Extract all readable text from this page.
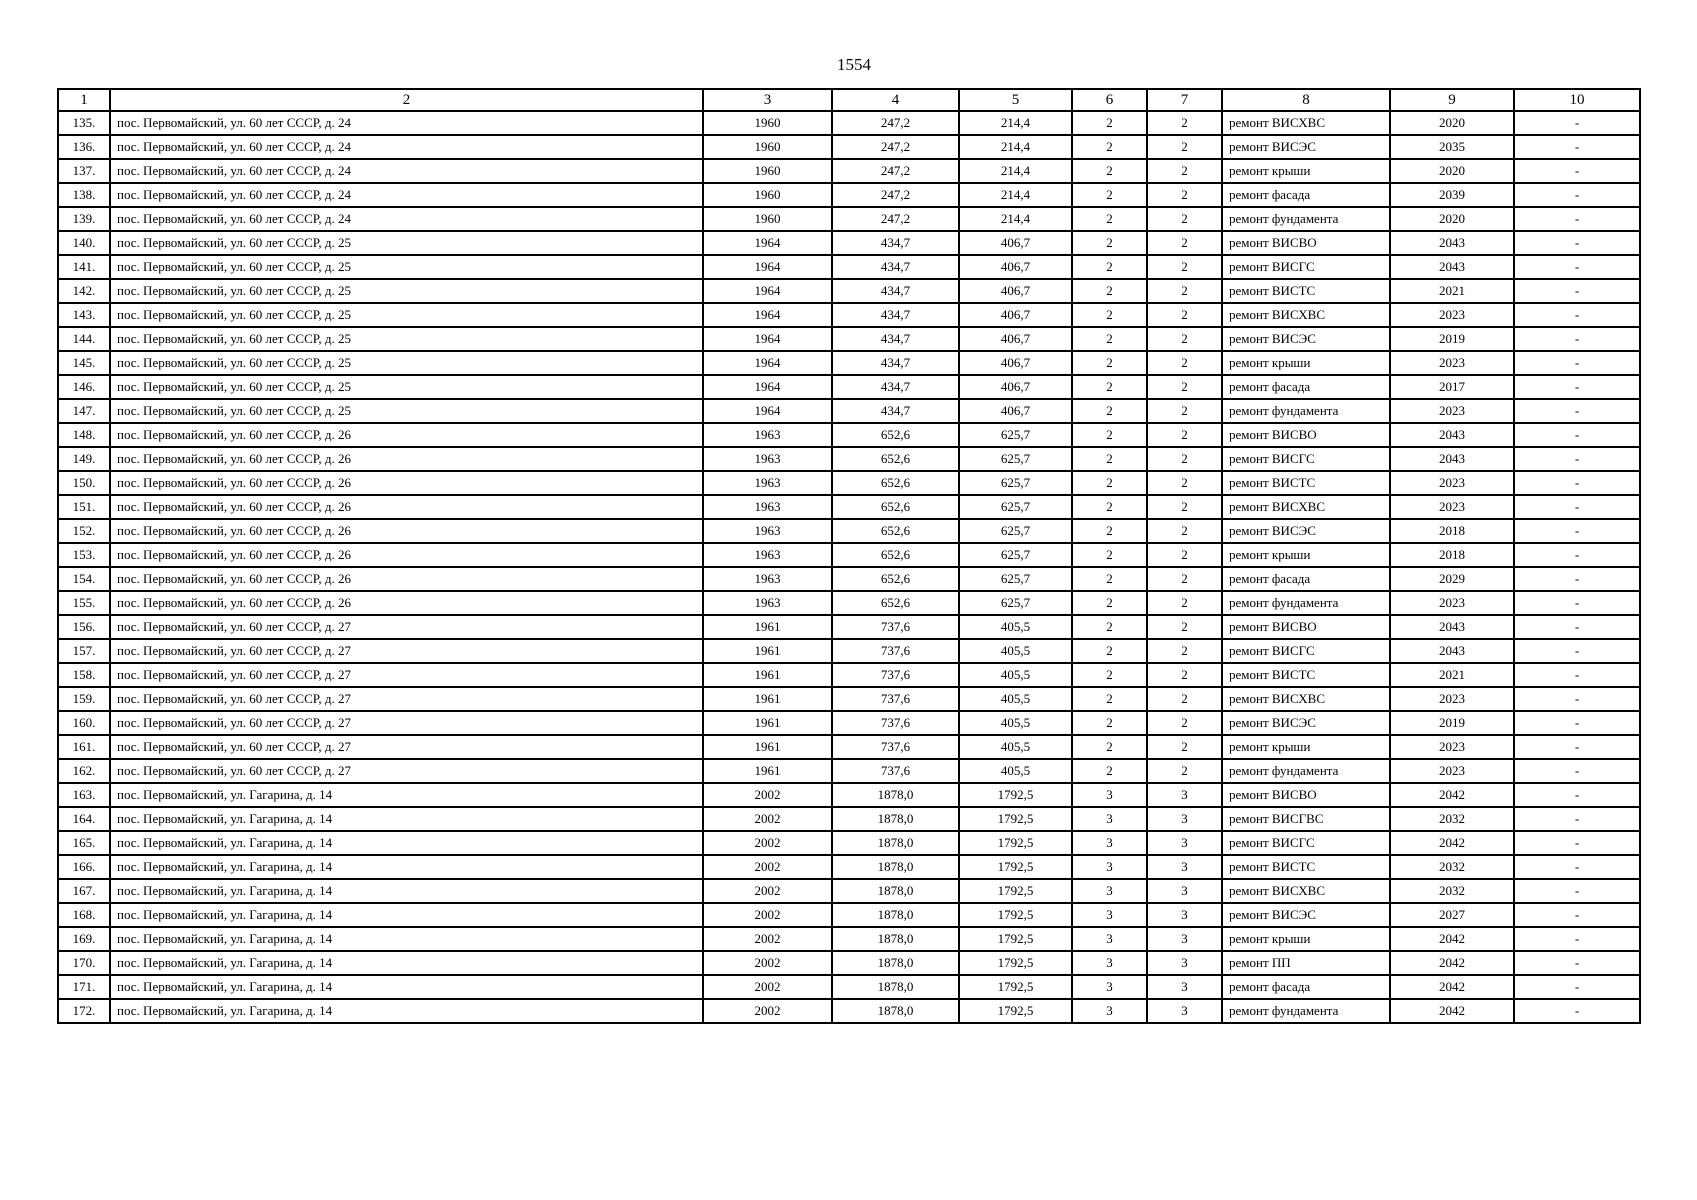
1554
1	2	3	4	5	6	7	8	9	10
135.	пос. Первомайский, ул. 60 лет СССР, д. 24	1960	247,2	214,4	2	2	ремонт ВИСХВС	2020	-
136.	пос. Первомайский, ул. 60 лет СССР, д. 24	1960	247,2	214,4	2	2	ремонт ВИСЭС	2035	-
137.	пос. Первомайский, ул. 60 лет СССР, д. 24	1960	247,2	214,4	2	2	ремонт крыши	2020	-
138.	пос. Первомайский, ул. 60 лет СССР, д. 24	1960	247,2	214,4	2	2	ремонт фасада	2039	-
139.	пос. Первомайский, ул. 60 лет СССР, д. 24	1960	247,2	214,4	2	2	ремонт фундамента	2020	-
140.	пос. Первомайский, ул. 60 лет СССР, д. 25	1964	434,7	406,7	2	2	ремонт ВИСВО	2043	-
141.	пос. Первомайский, ул. 60 лет СССР, д. 25	1964	434,7	406,7	2	2	ремонт ВИСГС	2043	-
142.	пос. Первомайский, ул. 60 лет СССР, д. 25	1964	434,7	406,7	2	2	ремонт ВИСТС	2021	-
143.	пос. Первомайский, ул. 60 лет СССР, д. 25	1964	434,7	406,7	2	2	ремонт ВИСХВС	2023	-
144.	пос. Первомайский, ул. 60 лет СССР, д. 25	1964	434,7	406,7	2	2	ремонт ВИСЭС	2019	-
145.	пос. Первомайский, ул. 60 лет СССР, д. 25	1964	434,7	406,7	2	2	ремонт крыши	2023	-
146.	пос. Первомайский, ул. 60 лет СССР, д. 25	1964	434,7	406,7	2	2	ремонт фасада	2017	-
147.	пос. Первомайский, ул. 60 лет СССР, д. 25	1964	434,7	406,7	2	2	ремонт фундамента	2023	-
148.	пос. Первомайский, ул. 60 лет СССР, д. 26	1963	652,6	625,7	2	2	ремонт ВИСВО	2043	-
149.	пос. Первомайский, ул. 60 лет СССР, д. 26	1963	652,6	625,7	2	2	ремонт ВИСГС	2043	-
150.	пос. Первомайский, ул. 60 лет СССР, д. 26	1963	652,6	625,7	2	2	ремонт ВИСТС	2023	-
151.	пос. Первомайский, ул. 60 лет СССР, д. 26	1963	652,6	625,7	2	2	ремонт ВИСХВС	2023	-
152.	пос. Первомайский, ул. 60 лет СССР, д. 26	1963	652,6	625,7	2	2	ремонт ВИСЭС	2018	-
153.	пос. Первомайский, ул. 60 лет СССР, д. 26	1963	652,6	625,7	2	2	ремонт крыши	2018	-
154.	пос. Первомайский, ул. 60 лет СССР, д. 26	1963	652,6	625,7	2	2	ремонт фасада	2029	-
155.	пос. Первомайский, ул. 60 лет СССР, д. 26	1963	652,6	625,7	2	2	ремонт фундамента	2023	-
156.	пос. Первомайский, ул. 60 лет СССР, д. 27	1961	737,6	405,5	2	2	ремонт ВИСВО	2043	-
157.	пос. Первомайский, ул. 60 лет СССР, д. 27	1961	737,6	405,5	2	2	ремонт ВИСГС	2043	-
158.	пос. Первомайский, ул. 60 лет СССР, д. 27	1961	737,6	405,5	2	2	ремонт ВИСТС	2021	-
159.	пос. Первомайский, ул. 60 лет СССР, д. 27	1961	737,6	405,5	2	2	ремонт ВИСХВС	2023	-
160.	пос. Первомайский, ул. 60 лет СССР, д. 27	1961	737,6	405,5	2	2	ремонт ВИСЭС	2019	-
161.	пос. Первомайский, ул. 60 лет СССР, д. 27	1961	737,6	405,5	2	2	ремонт крыши	2023	-
162.	пос. Первомайский, ул. 60 лет СССР, д. 27	1961	737,6	405,5	2	2	ремонт фундамента	2023	-
163.	пос. Первомайский, ул. Гагарина, д. 14	2002	1878,0	1792,5	3	3	ремонт ВИСВО	2042	-
164.	пос. Первомайский, ул. Гагарина, д. 14	2002	1878,0	1792,5	3	3	ремонт ВИСГВС	2032	-
165.	пос. Первомайский, ул. Гагарина, д. 14	2002	1878,0	1792,5	3	3	ремонт ВИСГС	2042	-
166.	пос. Первомайский, ул. Гагарина, д. 14	2002	1878,0	1792,5	3	3	ремонт ВИСТС	2032	-
167.	пос. Первомайский, ул. Гагарина, д. 14	2002	1878,0	1792,5	3	3	ремонт ВИСХВС	2032	-
168.	пос. Первомайский, ул. Гагарина, д. 14	2002	1878,0	1792,5	3	3	ремонт ВИСЭС	2027	-
169.	пос. Первомайский, ул. Гагарина, д. 14	2002	1878,0	1792,5	3	3	ремонт крыши	2042	-
170.	пос. Первомайский, ул. Гагарина, д. 14	2002	1878,0	1792,5	3	3	ремонт ПП	2042	-
171.	пос. Первомайский, ул. Гагарина, д. 14	2002	1878,0	1792,5	3	3	ремонт фасада	2042	-
172.	пос. Первомайский, ул. Гагарина, д. 14	2002	1878,0	1792,5	3	3	ремонт фундамента	2042	-
